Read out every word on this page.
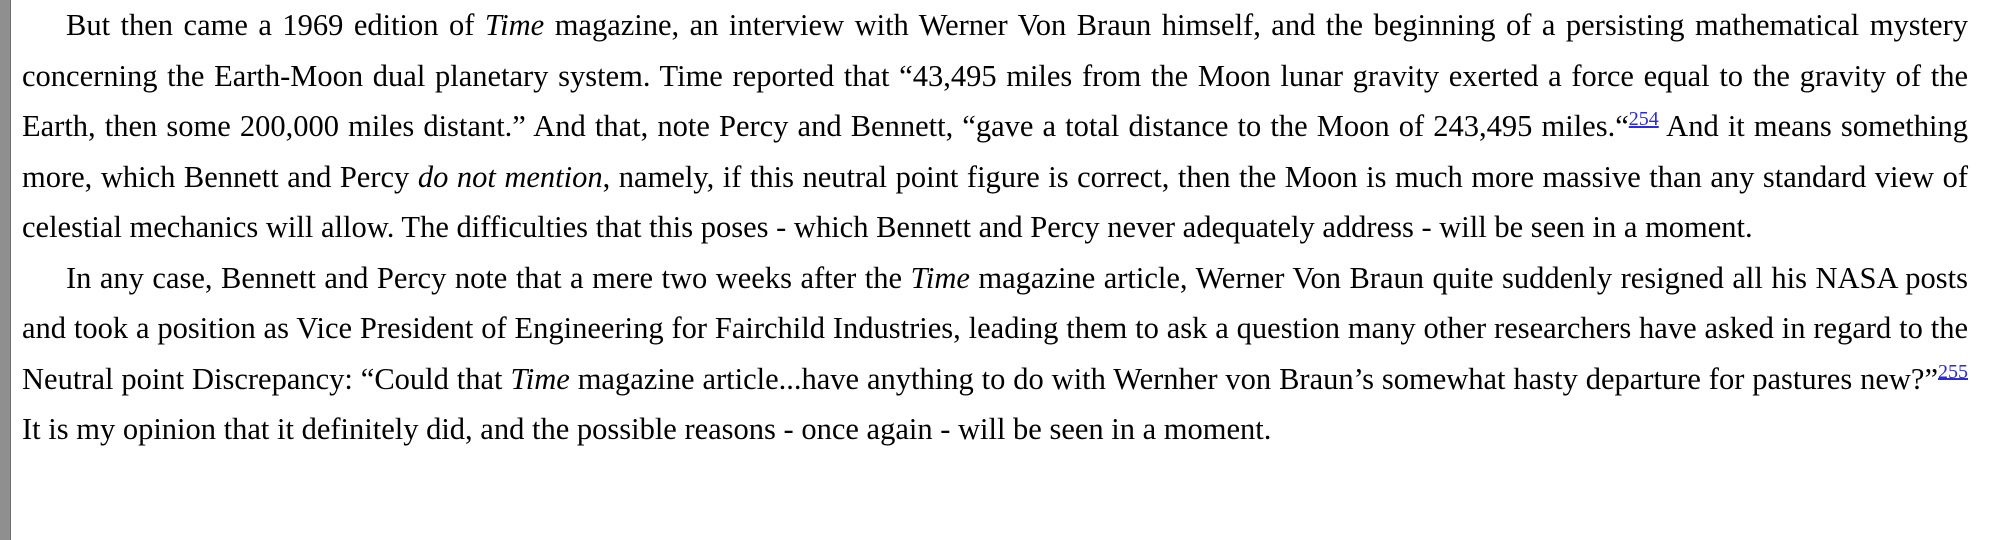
But then came a 1969 edition of Time magazine, an interview with Werner Von Braun himself, and the beginning of a persisting mathematical mystery concerning the Earth-Moon dual planetary system. Time reported that “43,495 miles from the Moon lunar gravity exerted a force equal to the gravity of the Earth, then some 200,000 miles distant.” And that, note Percy and Bennett, “gave a total distance to the Moon of 243,495 miles.“$^{254}$ And it means something more, which Bennett and Percy do not mention, namely, if this neutral point figure is correct, then the Moon is much more massive than any standard view of celestial mechanics will allow. The difficulties that this poses - which Bennett and Percy never adequately address - will be seen in a moment.

In any case, Bennett and Percy note that a mere two weeks after the Time magazine article, Werner Von Braun quite suddenly resigned all his NASA posts and took a position as Vice President of Engineering for Fairchild Industries, leading them to ask a question many other researchers have asked in regard to the Neutral point Discrepancy: “Could that Time magazine article...have anything to do with Wernher von Braun’s somewhat hasty departure for pastures new?”$^{255}$ It is my opinion that it definitely did, and the possible reasons - once again - will be seen in a moment.
